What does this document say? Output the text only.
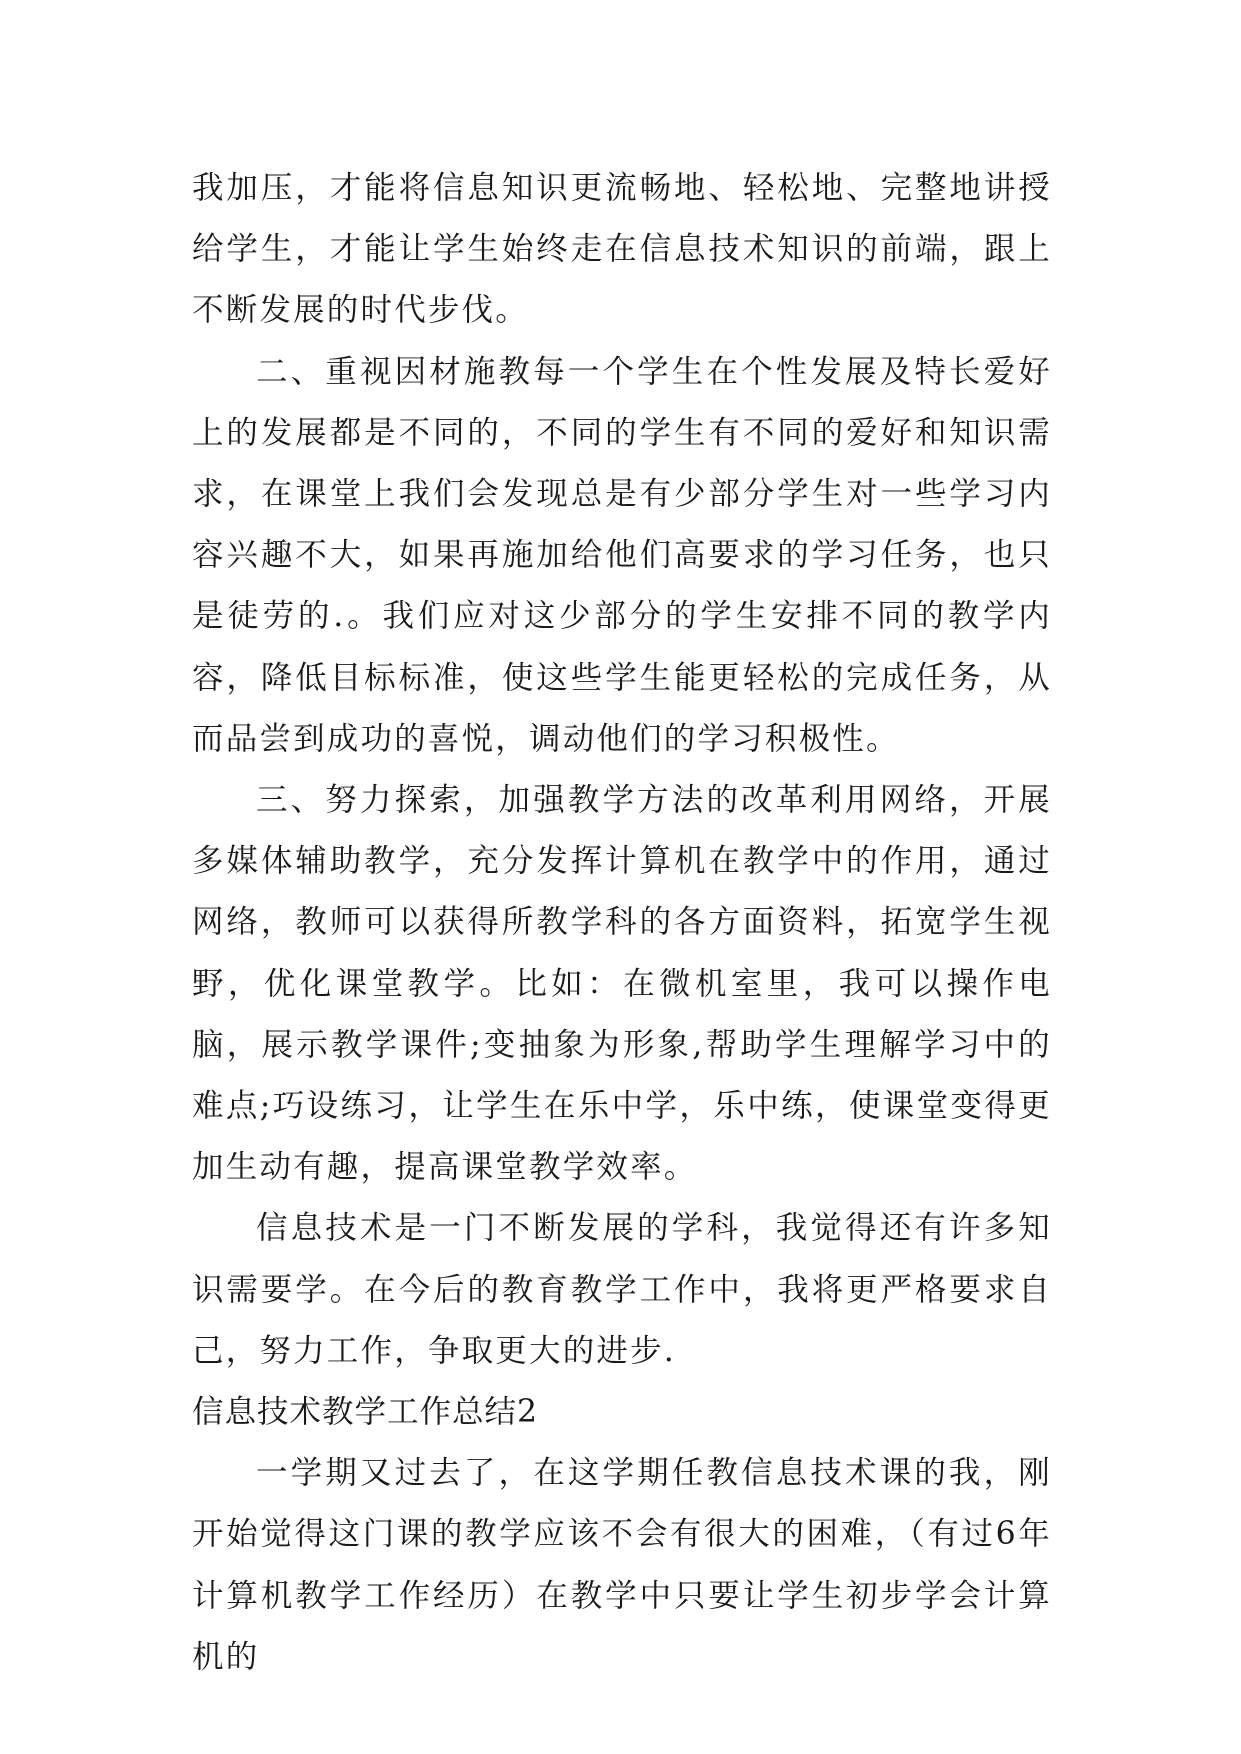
我加压，才能将信息知识更流畅地、轻松地、完整地讲授给学生，才能让学生始终走在信息技术知识的前端，跟上不断发展的时代步伐。

二、重视因材施教每一个学生在个性发展及特长爱好上的发展都是不同的，不同的学生有不同的爱好和知识需求，在课堂上我们会发现总是有少部分学生对一些学习内容兴趣不大，如果再施加给他们高要求的学习任务，也只是徒劳的.。我们应对这少部分的学生安排不同的教学内容，降低目标标准，使这些学生能更轻松的完成任务，从而品尝到成功的喜悦，调动他们的学习积极性。

三、努力探索，加强教学方法的改革利用网络，开展多媒体辅助教学，充分发挥计算机在教学中的作用，通过网络，教师可以获得所教学科的各方面资料，拓宽学生视野，优化课堂教学。比如：在微机室里，我可以操作电脑，展示教学课件;变抽象为形象,帮助学生理解学习中的难点;巧设练习，让学生在乐中学，乐中练，使课堂变得更加生动有趣，提高课堂教学效率。

信息技术是一门不断发展的学科，我觉得还有许多知识需要学。在今后的教育教学工作中，我将更严格要求自己，努力工作，争取更大的进步.

信息技术教学工作总结2

一学期又过去了，在这学期任教信息技术课的我，刚开始觉得这门课的教学应该不会有很大的困难，（有过6年计算机教学工作经历）在教学中只要让学生初步学会计算机的
